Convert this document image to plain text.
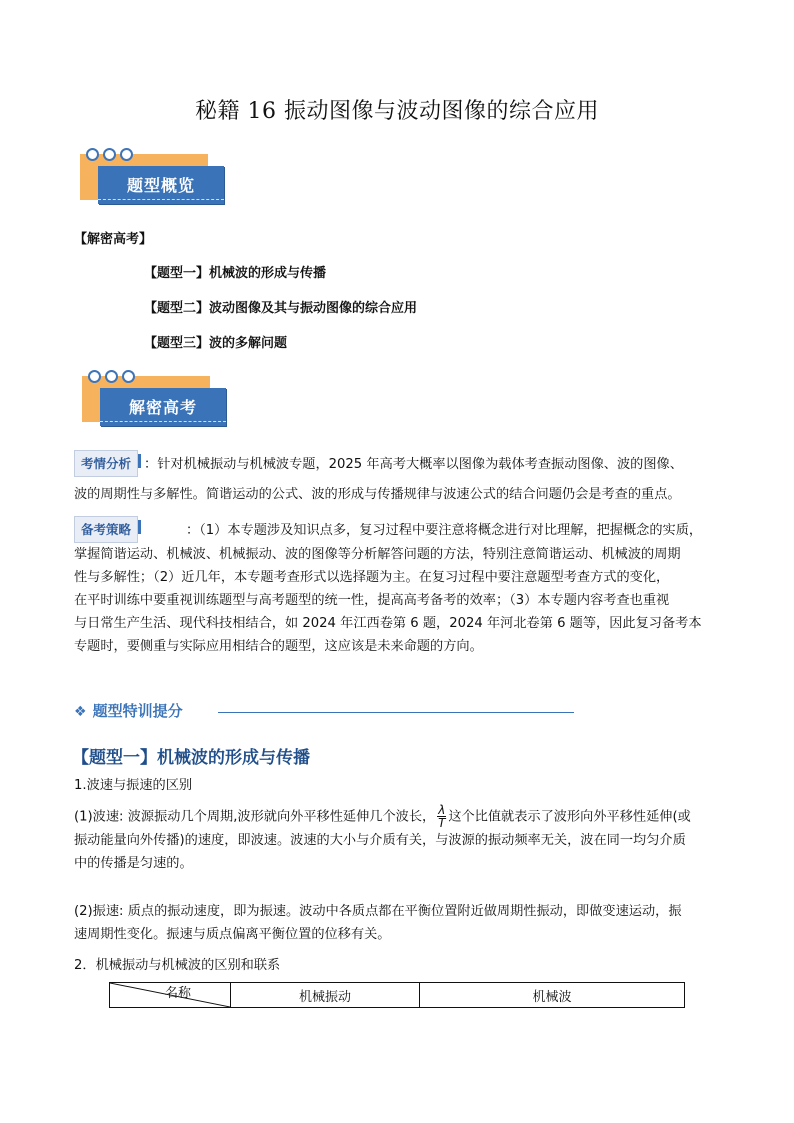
秘籍 16 振动图像与波动图像的综合应用
题型概览
【解密高考】
【题型一】机械波的形成与传播
【题型二】波动图像及其与振动图像的综合应用
【题型三】波的多解问题
解密高考
考情分析 ：针对机械振动与机械波专题，2025 年高考大概率以图像为载体考查振动图像、波的图像、
波的周期性与多解性。简谐运动的公式、波的形成与传播规律与波速公式的结合问题仍会是考查的重点。
备考策略	：（1）本专题涉及知识点多，复习过程中要注意将概念进行对比理解，把握概念的实质，
掌握简谐运动、机械波、机械振动、波的图像等分析解答问题的方法，特别注意简谐运动、机械波的周期
性与多解性；（2）近几年，本专题考查形式以选择题为主。在复习过程中要注意题型考查方式的变化，
在平时训练中要重视训练题型与高考题型的统一性，提高高考备考的效率；（3）本专题内容考查也重视
与日常生产生活、现代科技相结合，如 2024 年江西卷第 6 题，2024 年河北卷第 6 题等，因此复习备考本
专题时，要侧重与实际应用相结合的题型，这应该是未来命题的方向。
❖ 题型特训提分
【题型一】机械波的形成与传播
1.波速与振速的区别
(1)波速: 波源振动几个周期,波形就向外平移性延伸几个波长， $\frac{\lambda}{T}$ 这个比值就表示了波形向外平移性延伸(或
振动能量向外传播)的速度，即波速。波速的大小与介质有关，与波源的振动频率无关，波在同一均匀介质
中的传播是匀速的。
(2)振速: 质点的振动速度，即为振速。波动中各质点都在平衡位置附近做周期性振动，即做变速运动，振
速周期性变化。振速与质点偏离平衡位置的位移有关。
2．机械振动与机械波的区别和联系
名称	机械振动	机械波
